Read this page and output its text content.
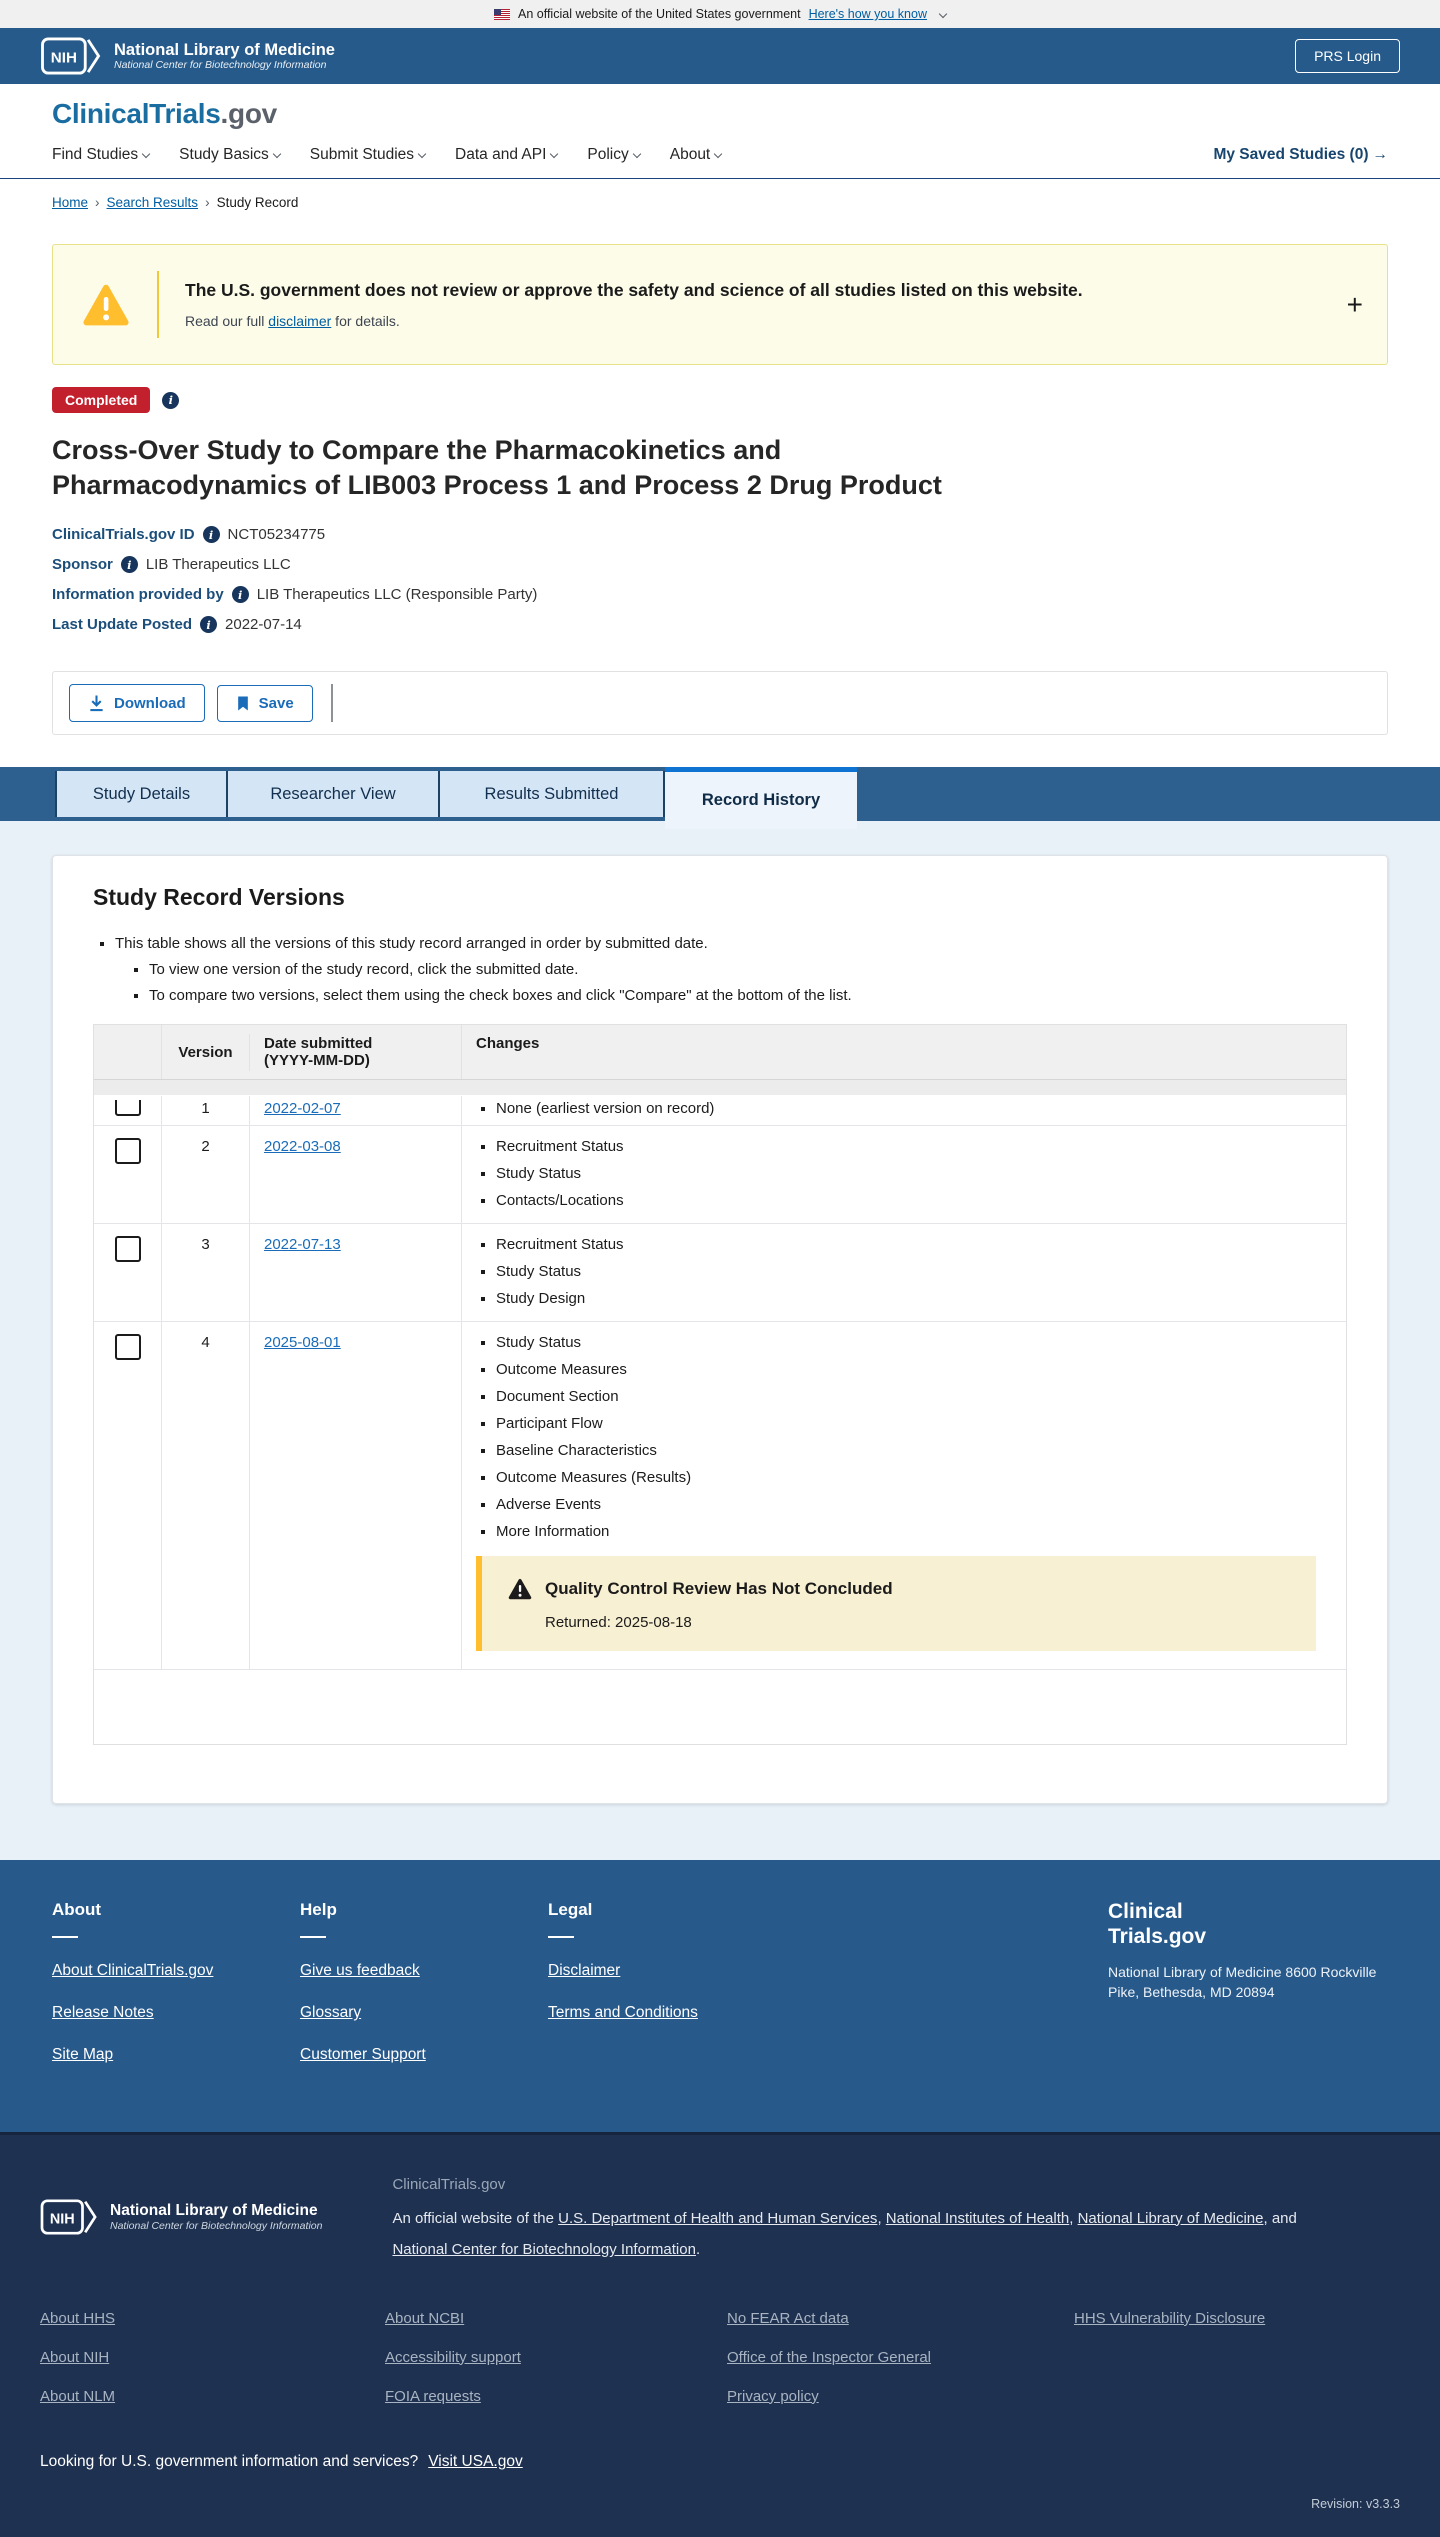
An official website of the United States government Here's how you know
NIH National Library of Medicine
National Center for Biotechnology Information
PRS Login
ClinicalTrials.gov
Find Studies	Study Basics	Submit Studies	Data and API	Policy	About	My Saved Studies (0) →
Home › Search Results › Study Record
The U.S. government does not review or approve the safety and science of all studies listed on this website.
Read our full disclaimer for details.
+
Completed	i
Cross-Over Study to Compare the Pharmacokinetics and Pharmacodynamics of LIB003 Process 1 and Process 2 Drug Product
ClinicalTrials.gov ID	i NCT05234775
Sponsor	i LIB Therapeutics LLC
Information provided by	i LIB Therapeutics LLC (Responsible Party)
Last Update Posted	i 2022-07-14
Download	Save
Study Details	Researcher View	Results Submitted	Record History
Study Record Versions
▪ This table shows all the versions of this study record arranged in order by submitted date.
▪ To view one version of the study record, click the submitted date.
▪ To compare two versions, select them using the check boxes and click "Compare" at the bottom of the list.
Version	Date submitted
(YYYY-MM-DD)
Changes
1	2022-02-07	▪ None (earliest version on record)
2	2022-03-08	▪ Recruitment Status
▪ Study Status
▪ Contacts/Locations
3	2022-07-13	▪ Recruitment Status
▪ Study Status
▪ Study Design
4	2025-08-01	▪ Study Status
▪ Outcome Measures
▪ Document Section
▪ Participant Flow
▪ Baseline Characteristics
▪ Outcome Measures (Results)
▪ Adverse Events
▪ More Information
Quality Control Review Has Not Concluded
Returned: 2025-08-18
About
About ClinicalTrials.gov
Release Notes
Site Map
Help
Give us feedback
Glossary
Customer Support
Legal
Disclaimer
Terms and Conditions
Clinical
Trials.gov
National Library of Medicine 8600 Rockville Pike, Bethesda, MD 20894
NIH
National Library of Medicine
National Center for Biotechnology Information
ClinicalTrials.gov
An official website of the U.S. Department of Health and Human Services, National Institutes of Health, National Library of Medicine, and National Center for Biotechnology Information.
About HHS
About NIH
About NLM
About NCBI
Accessibility support
FOIA requests
No FEAR Act data
Office of the Inspector General
Privacy policy
HHS Vulnerability Disclosure
Looking for U.S. government information and services? Visit USA.gov
Revision: v3.3.3
